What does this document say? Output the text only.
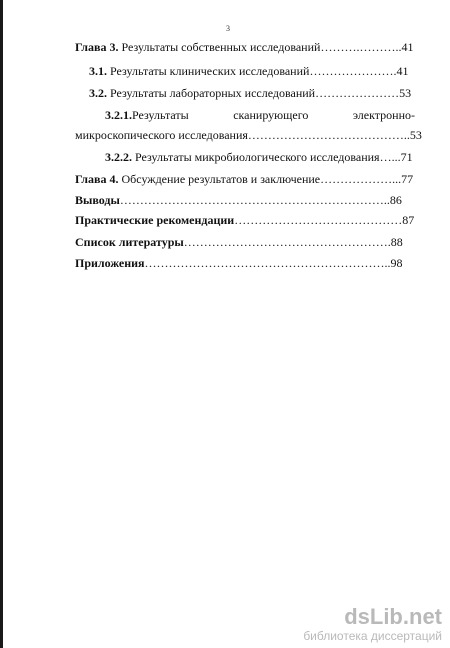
3
Глава 3. Результаты собственных исследований……….………..41
3.1. Результаты клинических исследований………………….41
3.2. Результаты лабораторных исследований…………………53
3.2.1.Результаты	сканирующего	электронно-
микроскопического исследования…………………………………..53
3.2.2. Результаты микробиологического исследования…...71
Глава 4. Обсуждение результатов и заключение………………...77
Выводы…………………………………………………………..86
Практические рекомендации……………………………………87
Список литературы…………………………………………….88
Приложения……………………………………………………..98
dsLib.net
библиотека диссертаций
